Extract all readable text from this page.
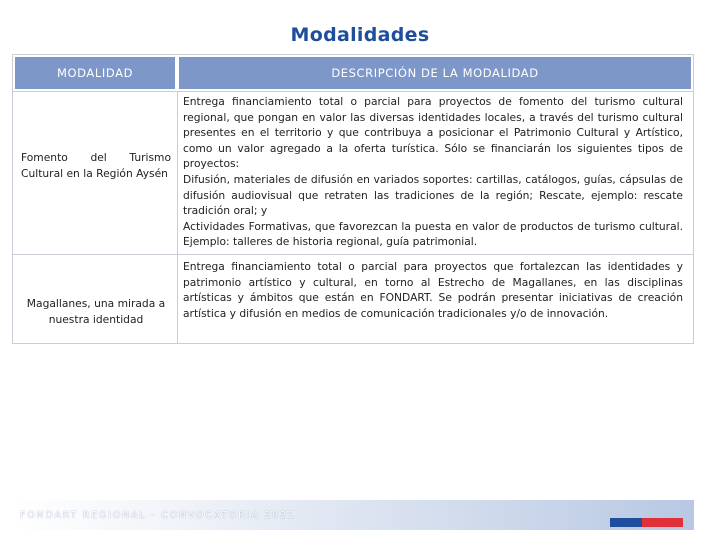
Modalidades
MODALIDAD	DESCRIPCIÓN DE LA MODALIDAD
Fomento del Turismo Cultural en la Región Aysén

Entrega financiamiento total o parcial para proyectos de fomento del turismo cultural regional, que pongan en valor las diversas identidades locales, a través del turismo cultural presentes en el territorio y que contribuya a posicionar el Patrimonio Cultural y Artístico, como un valor agregado a la oferta turística. Sólo se financiarán los siguientes tipos de proyectos:

Difusión, materiales de difusión en variados soportes: cartillas, catálogos, guías, cápsulas de difusión audiovisual que retraten las tradiciones de la región; Rescate, ejemplo: rescate tradición oral; y

Actividades Formativas, que favorezcan la puesta en valor de productos de turismo cultural. Ejemplo: talleres de historia regional, guía patrimonial.

Magallanes, una mirada a nuestra identidad

Entrega financiamiento total o parcial para proyectos que fortalezcan las identidades y patrimonio artístico y cultural, en torno al Estrecho de Magallanes, en las disciplinas artísticas y ámbitos que están en FONDART. Se podrán presentar iniciativas de creación artística y difusión en medios de comunicación tradicionales y/o de innovación.

FONDART REGIONAL - CONVOCATORIA 2021
